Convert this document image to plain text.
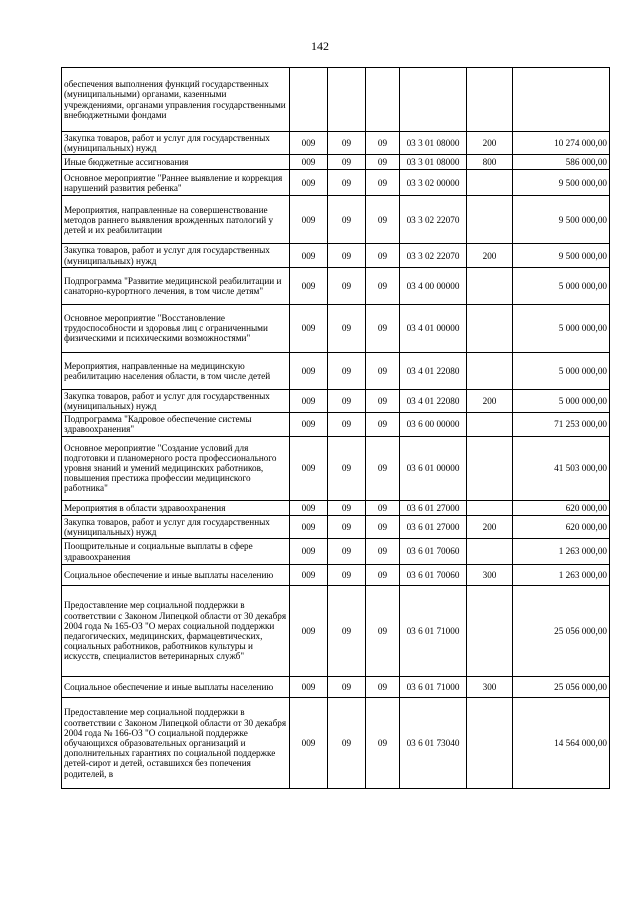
142
обеспечения выполнения функций государственных (муниципальными) органами, казенными учреждениями, органами управления государственными внебюджетными фондами						
Закупка товаров, работ и услуг для государственных (муниципальных) нужд	009	09	09	03 3 01 08000	200	10 274 000,00
Иные бюджетные ассигнования	009	09	09	03 3 01 08000	800	586 000,00
Основное мероприятие "Раннее выявление и коррекция нарушений развития ребенка"	009	09	09	03 3 02 00000		9 500 000,00
Мероприятия, направленные на совершенствование методов раннего выявления врожденных патологий у детей и их реабилитации	009	09	09	03 3 02 22070		9 500 000,00
Закупка товаров, работ и услуг для государственных (муниципальных) нужд	009	09	09	03 3 02 22070	200	9 500 000,00
Подпрограмма "Развитие медицинской реабилитации и санаторно-курортного лечения, в том числе детям"	009	09	09	03 4 00 00000		5 000 000,00
Основное мероприятие "Восстановление трудоспособности и здоровья лиц с ограниченными физическими и психическими возможностями"	009	09	09	03 4 01 00000		5 000 000,00
Мероприятия, направленные на медицинскую реабилитацию населения области, в том числе детей	009	09	09	03 4 01 22080		5 000 000,00
Закупка товаров, работ и услуг для государственных (муниципальных) нужд	009	09	09	03 4 01 22080	200	5 000 000,00
Подпрограмма "Кадровое обеспечение системы здравоохранения"	009	09	09	03 6 00 00000		71 253 000,00
Основное мероприятие "Создание условий для подготовки и планомерного роста профессионального уровня знаний и умений медицинских работников, повышения престижа профессии медицинского работника"	009	09	09	03 6 01 00000		41 503 000,00
Мероприятия в области здравоохранения	009	09	09	03 6 01 27000		620 000,00
Закупка товаров, работ и услуг для государственных (муниципальных) нужд	009	09	09	03 6 01 27000	200	620 000,00
Поощрительные и социальные выплаты в сфере здравоохранения	009	09	09	03 6 01 70060		1 263 000,00
Социальное обеспечение и иные выплаты населению	009	09	09	03 6 01 70060	300	1 263 000,00
Предоставление мер социальной поддержки в соответствии с Законом Липецкой области от 30 декабря 2004 года № 165-ОЗ "О мерах социальной поддержки педагогических, медицинских, фармацевтических, социальных работников, работников культуры и искусств, специалистов ветеринарных служб"	009	09	09	03 6 01 71000		25 056 000,00
Социальное обеспечение и иные выплаты населению	009	09	09	03 6 01 71000	300	25 056 000,00
Предоставление мер социальной поддержки в соответствии с Законом Липецкой области от 30 декабря 2004 года № 166-ОЗ "О социальной поддержке обучающихся образовательных организаций и дополнительных гарантиях по социальной поддержке детей-сирот и детей, оставшихся без попечения родителей, в	009	09	09	03 6 01 73040		14 564 000,00
